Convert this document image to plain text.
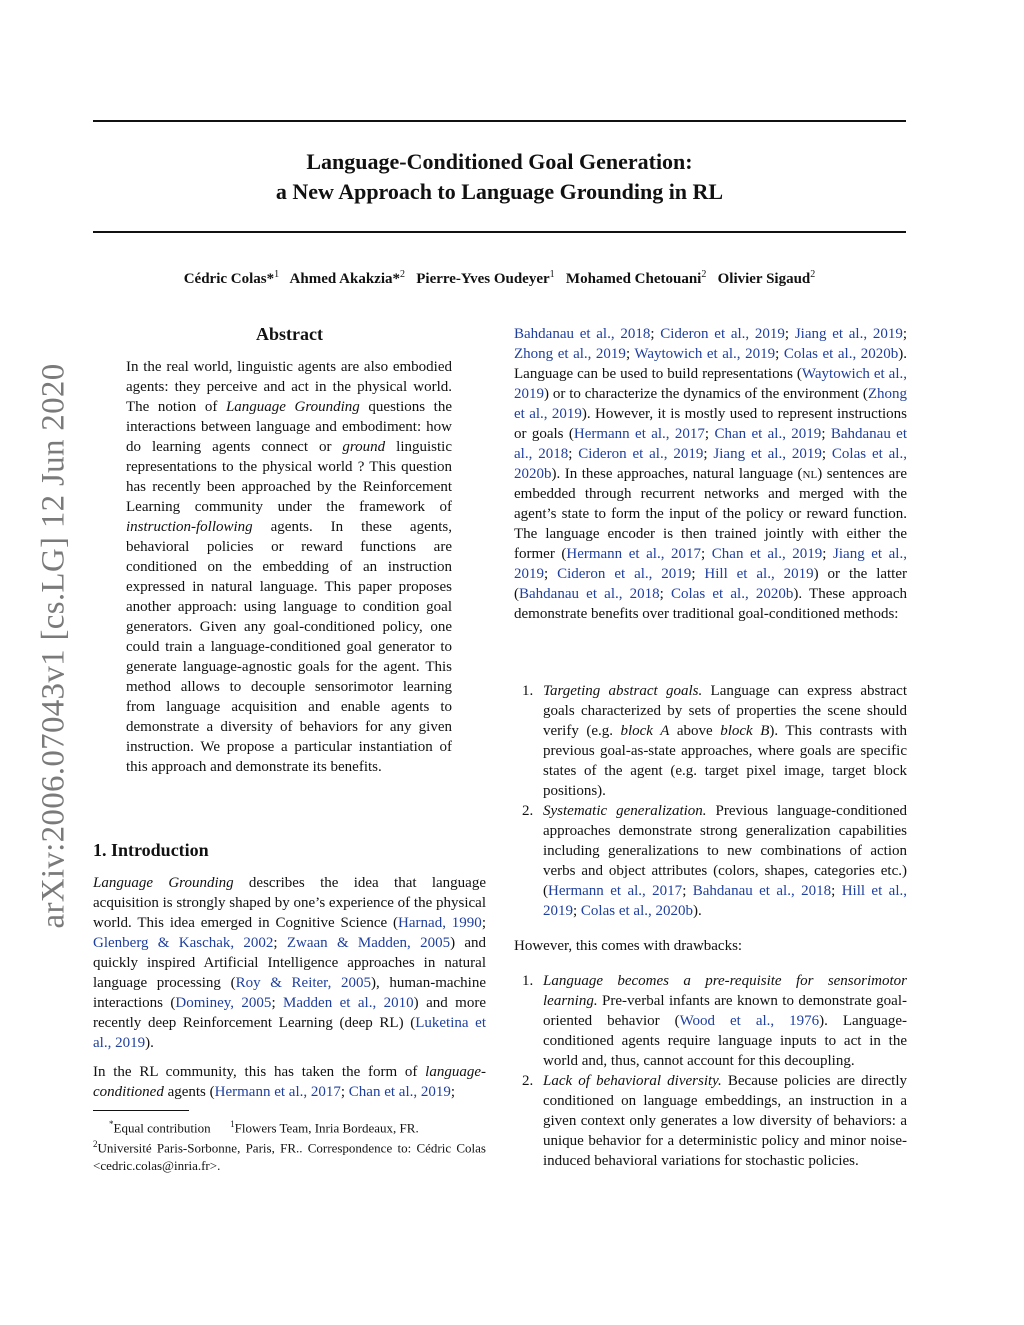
arXiv:2006.07043v1 [cs.LG] 12 Jun 2020
Language-Conditioned Goal Generation:
a New Approach to Language Grounding in RL
Cédric Colas*$^1$ Ahmed Akakzia*$^2$ Pierre-Yves Oudeyer$^1$ Mohamed Chetouani$^2$ Olivier Sigaud$^2$
Abstract

In the real world, linguistic agents are also embodied agents: they perceive and act in the physical world. The notion of Language Grounding questions the interactions between language and embodiment: how do learning agents connect or ground linguistic representations to the physical world ? This question has recently been approached by the Reinforcement Learning community under the framework of instruction-following agents. In these agents, behavioral policies or reward functions are conditioned on the embedding of an instruction expressed in natural language. This paper proposes another approach: using language to condition goal generators. Given any goal-conditioned policy, one could train a language-conditioned goal generator to generate language-agnostic goals for the agent. This method allows to decouple sensorimotor learning from language acquisition and enable agents to demonstrate a diversity of behaviors for any given instruction. We propose a particular instantiation of this approach and demonstrate its benefits.

1. Introduction

Language Grounding describes the idea that language acquisition is strongly shaped by one’s experience of the physical world. This idea emerged in Cognitive Science (Harnad, 1990; Glenberg & Kaschak, 2002; Zwaan & Madden, 2005) and quickly inspired Artificial Intelligence approaches in natural language processing (Roy & Reiter, 2005), human-machine interactions (Dominey, 2005; Madden et al., 2010) and more recently deep Reinforcement Learning (deep RL) (Luketina et al., 2019).

In the RL community, this has taken the form of language-conditioned agents (Hermann et al., 2017; Chan et al., 2019;

*Equal contribution $^1$Flowers Team, Inria Bordeaux, FR.
$^2$Université Paris-Sorbonne, Paris, FR.. Correspondence to: Cédric Colas <cedric.colas@inria.fr>.

Bahdanau et al., 2018; Cideron et al., 2019; Jiang et al., 2019; Zhong et al., 2019; Waytowich et al., 2019; Colas et al., 2020b). Language can be used to build representations (Waytowich et al., 2019) or to characterize the dynamics of the environment (Zhong et al., 2019). However, it is mostly used to represent instructions or goals (Hermann et al., 2017; Chan et al., 2019; Bahdanau et al., 2018; Cideron et al., 2019; Jiang et al., 2019; Colas et al., 2020b). In these approaches, natural language (nl) sentences are embedded through recurrent networks and merged with the agent’s state to form the input of the policy or reward function. The language encoder is then trained jointly with either the former (Hermann et al., 2017; Chan et al., 2019; Jiang et al., 2019; Cideron et al., 2019; Hill et al., 2019) or the latter (Bahdanau et al., 2018; Colas et al., 2020b). These approach demonstrate benefits over traditional goal-conditioned methods:

1. Targeting abstract goals. Language can express abstract goals characterized by sets of properties the scene should verify (e.g. block A above block B). This contrasts with previous goal-as-state approaches, where goals are specific states of the agent (e.g. target pixel image, target block positions).
2. Systematic generalization. Previous language-conditioned approaches demonstrate strong generalization capabilities including generalizations to new combinations of action verbs and object attributes (colors, shapes, categories etc.) (Hermann et al., 2017; Bahdanau et al., 2018; Hill et al., 2019; Colas et al., 2020b).
However, this comes with drawbacks:
1. Language becomes a pre-requisite for sensorimotor learning. Pre-verbal infants are known to demonstrate goal-oriented behavior (Wood et al., 1976). Language-conditioned agents require language inputs to act in the world and, thus, cannot account for this decoupling.
2. Lack of behavioral diversity. Because policies are directly conditioned on language embeddings, an instruction in a given context only generates a low diversity of behaviors: a unique behavior for a deterministic policy and minor noise-induced behavioral variations for stochastic policies.
